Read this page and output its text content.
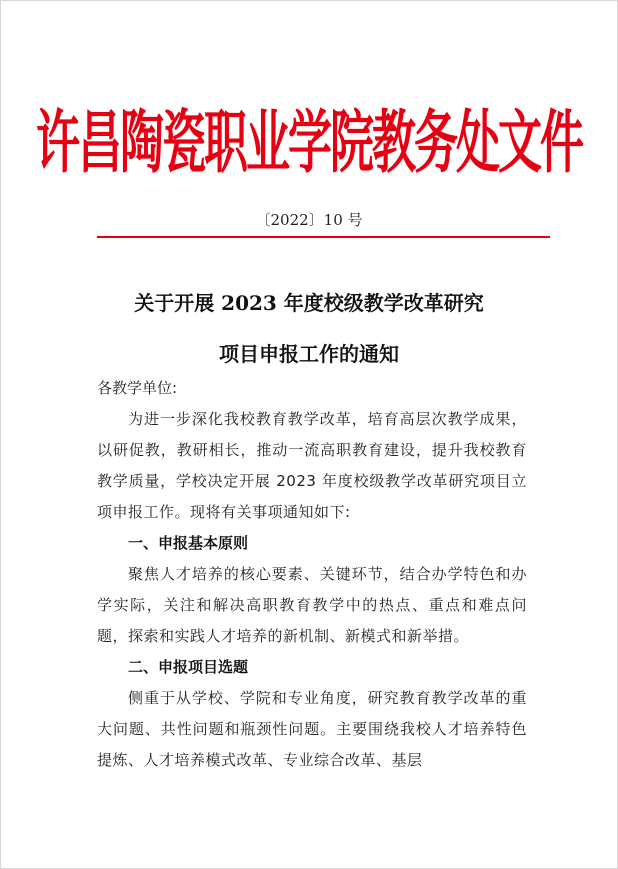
许昌陶瓷职业学院教务处文件
〔2022〕10 号
关于开展 2023 年度校级教学改革研究
项目申报工作的通知

各教学单位:

为进一步深化我校教育教学改革，培育高层次教学成果，以研促教，教研相长，推动一流高职教育建设，提升我校教育教学质量，学校决定开展 2023 年度校级教学改革研究项目立项申报工作。现将有关事项通知如下:

一、申报基本原则

聚焦人才培养的核心要素、关键环节，结合办学特色和办学实际，关注和解决高职教育教学中的热点、重点和难点问题，探索和实践人才培养的新机制、新模式和新举措。

二、申报项目选题

侧重于从学校、学院和专业角度，研究教育教学改革的重大问题、共性问题和瓶颈性问题。主要围绕我校人才培养特色提炼、人才培养模式改革、专业综合改革、基层
